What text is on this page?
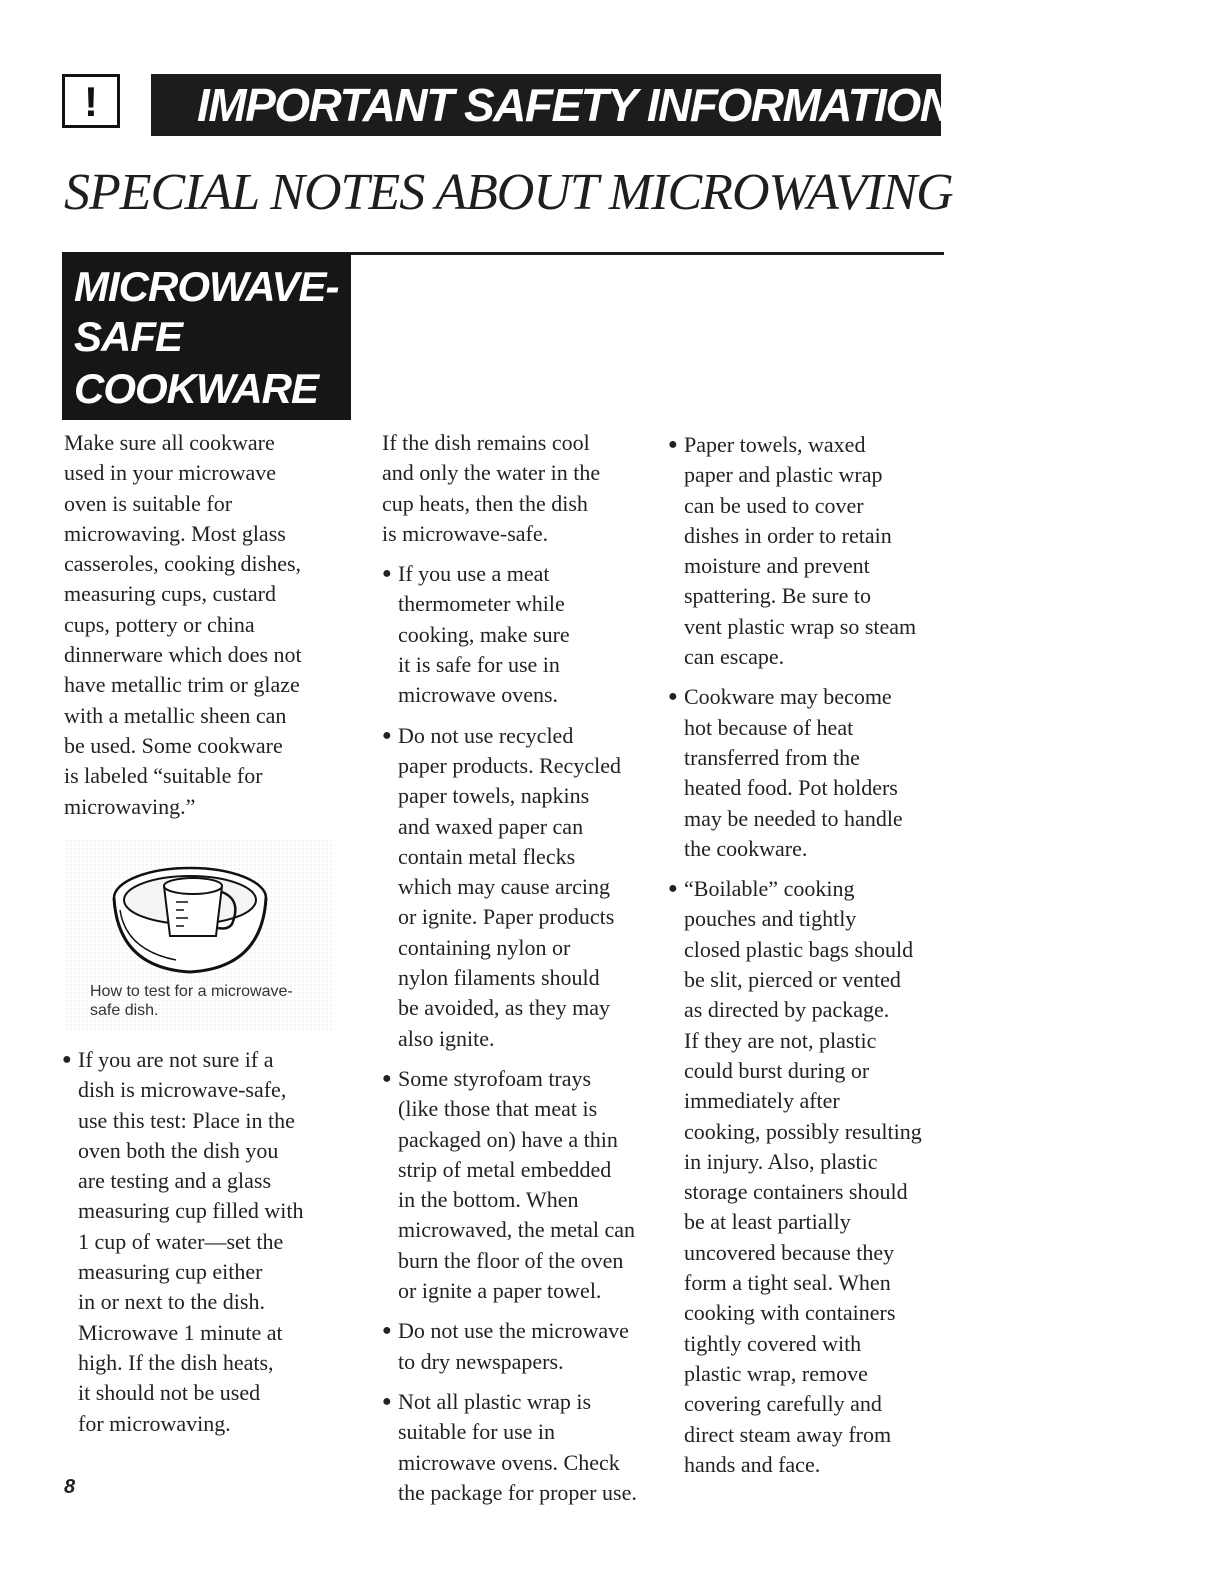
!	IMPORTANT SAFETY INFORMATION
SPECIAL NOTES ABOUT MICROWAVING
MICROWAVE-
SAFE
COOKWARE

Make sure all cookware

used in your microwave

oven is suitable for

microwaving. Most glass

casseroles, cooking dishes,

measuring cups, custard

cups, pottery or china

dinnerware which does not

have metallic trim or glaze

with a metallic sheen can

be used. Some cookware

is labeled “suitable for

microwaving.”

How to test for a microwave-
safe dish.
● If you are not sure if a

dish is microwave-safe,

use this test: Place in the

oven both the dish you

are testing and a glass

measuring cup filled with

1 cup of water—set the

measuring cup either

in or next to the dish.

Microwave 1 minute at

high. If the dish heats,

it should not be used

for microwaving.

If the dish remains cool

and only the water in the

cup heats, then the dish

is microwave-safe.

● If you use a meat

thermometer while

cooking, make sure

it is safe for use in

microwave ovens.

● Do not use recycled

paper products. Recycled

paper towels, napkins

and waxed paper can

contain metal flecks

which may cause arcing

or ignite. Paper products

containing nylon or

nylon filaments should

be avoided, as they may

also ignite.

● Some styrofoam trays

(like those that meat is

packaged on) have a thin

strip of metal embedded

in the bottom. When

microwaved, the metal can

burn the floor of the oven

or ignite a paper towel.

● Do not use the microwave

to dry newspapers.

● Not all plastic wrap is

suitable for use in

microwave ovens. Check

the package for proper use.

● Paper towels, waxed

paper and plastic wrap

can be used to cover

dishes in order to retain

moisture and prevent

spattering. Be sure to

vent plastic wrap so steam

can escape.

● Cookware may become

hot because of heat

transferred from the

heated food. Pot holders

may be needed to handle

the cookware.

● “Boilable” cooking

pouches and tightly

closed plastic bags should

be slit, pierced or vented

as directed by package.

If they are not, plastic

could burst during or

immediately after

cooking, possibly resulting

in injury. Also, plastic

storage containers should

be at least partially

uncovered because they

form a tight seal. When

cooking with containers

tightly covered with

plastic wrap, remove

covering carefully and

direct steam away from

hands and face.

8
